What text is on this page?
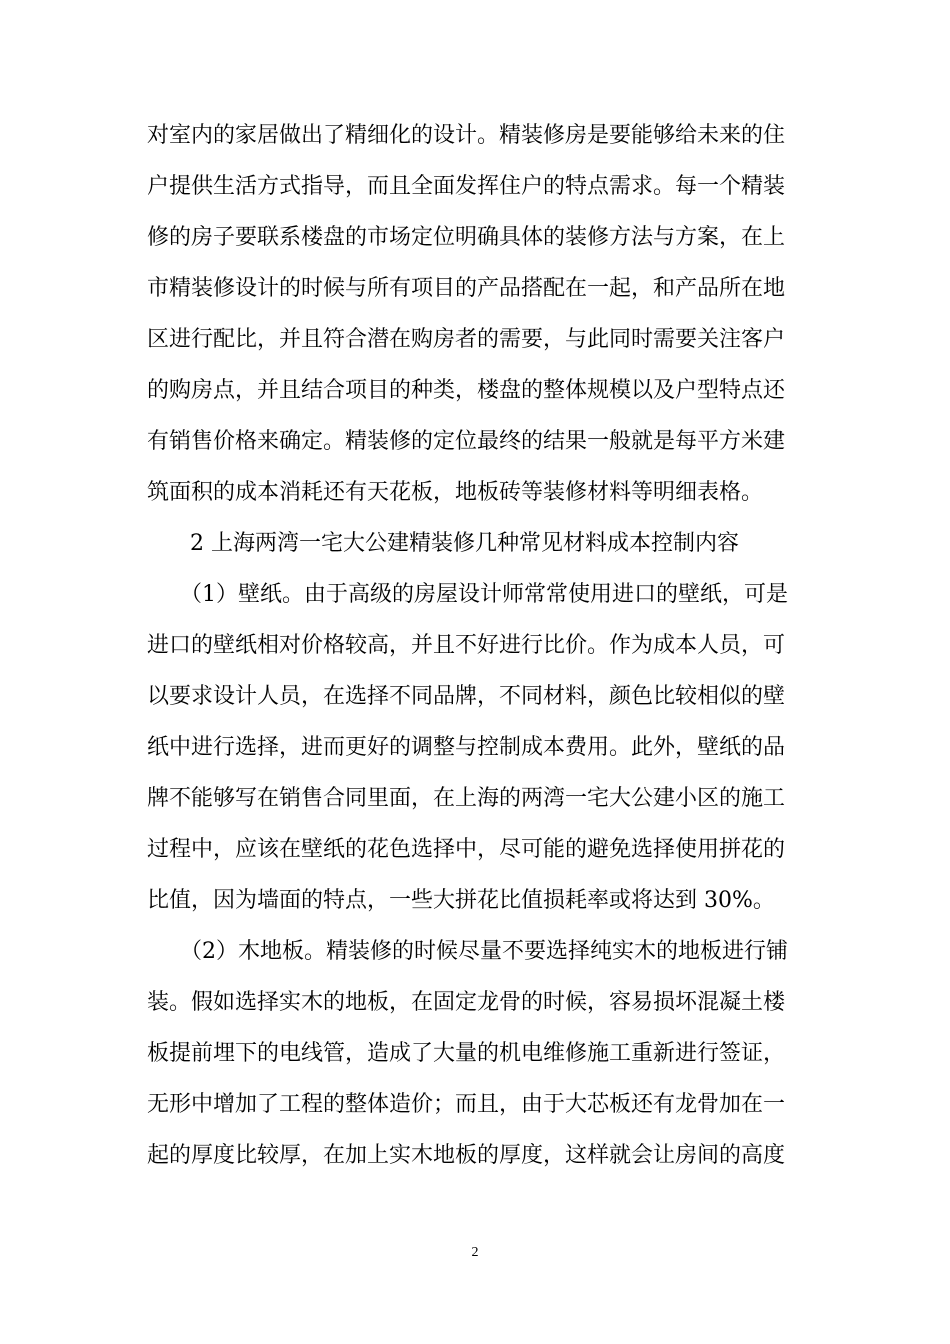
对室内的家居做出了精细化的设计。精装修房是要能够给未来的住
户提供生活方式指导，而且全面发挥住户的特点需求。每一个精装
修的房子要联系楼盘的市场定位明确具体的装修方法与方案，在上
市精装修设计的时候与所有项目的产品搭配在一起，和产品所在地
区进行配比，并且符合潜在购房者的需要，与此同时需要关注客户
的购房点，并且结合项目的种类，楼盘的整体规模以及户型特点还
有销售价格来确定。精装修的定位最终的结果一般就是每平方米建
筑面积的成本消耗还有天花板，地板砖等装修材料等明细表格。
2 上海两湾一宅大公建精装修几种常见材料成本控制内容
（1）壁纸。由于高级的房屋设计师常常使用进口的壁纸，可是
进口的壁纸相对价格较高，并且不好进行比价。作为成本人员，可
以要求设计人员，在选择不同品牌，不同材料，颜色比较相似的壁
纸中进行选择，进而更好的调整与控制成本费用。此外，壁纸的品
牌不能够写在销售合同里面，在上海的两湾一宅大公建小区的施工
过程中，应该在壁纸的花色选择中，尽可能的避免选择使用拼花的
比值，因为墙面的特点，一些大拼花比值损耗率或将达到 30%。
（2）木地板。精装修的时候尽量不要选择纯实木的地板进行铺
装。假如选择实木的地板，在固定龙骨的时候，容易损坏混凝土楼
板提前埋下的电线管，造成了大量的机电维修施工重新进行签证，
无形中增加了工程的整体造价；而且，由于大芯板还有龙骨加在一
起的厚度比较厚，在加上实木地板的厚度，这样就会让房间的高度
2
